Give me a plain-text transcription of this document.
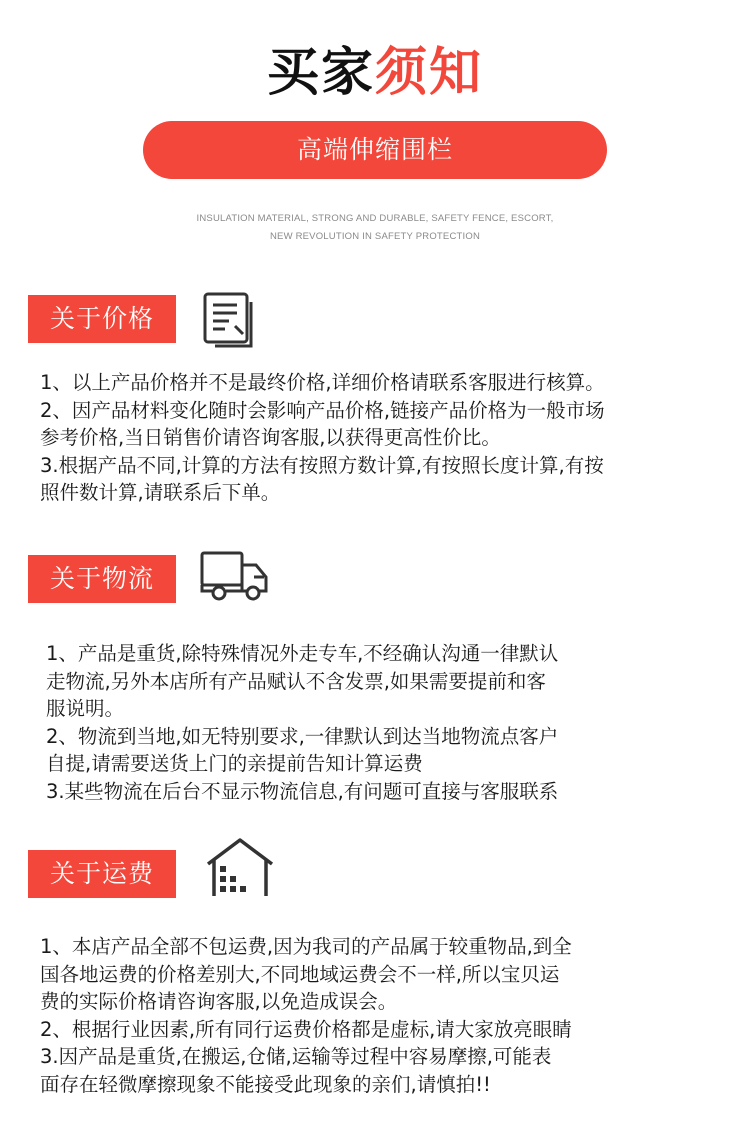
买家须知
高端伸缩围栏
INSULATION MATERIAL, STRONG AND DURABLE, SAFETY FENCE, ESCORT,
NEW REVOLUTION IN SAFETY PROTECTION
关于价格
1、以上产品价格并不是最终价格,详细价格请联系客服进行核算。
2、因产品材料变化随时会影响产品价格,链接产品价格为一般市场
参考价格,当日销售价请咨询客服,以获得更高性价比。
3.根据产品不同,计算的方法有按照方数计算,有按照长度计算,有按
照件数计算,请联系后下单。
关于物流
1、产品是重货,除特殊情况外走专车,不经确认沟通一律默认
走物流,另外本店所有产品赋认不含发票,如果需要提前和客
服说明。
2、物流到当地,如无特别要求,一律默认到达当地物流点客户
自提,请需要送货上门的亲提前告知计算运费
3.某些物流在后台不显示物流信息,有问题可直接与客服联系
关于运费
1、本店产品全部不包运费,因为我司的产品属于较重物品,到全
国各地运费的价格差别大,不同地域运费会不一样,所以宝贝运
费的实际价格请咨询客服,以免造成误会。
2、根据行业因素,所有同行运费价格都是虚标,请大家放亮眼睛
3.因产品是重货,在搬运,仓储,运输等过程中容易摩擦,可能表
面存在轻微摩擦现象不能接受此现象的亲们,请慎拍!!
